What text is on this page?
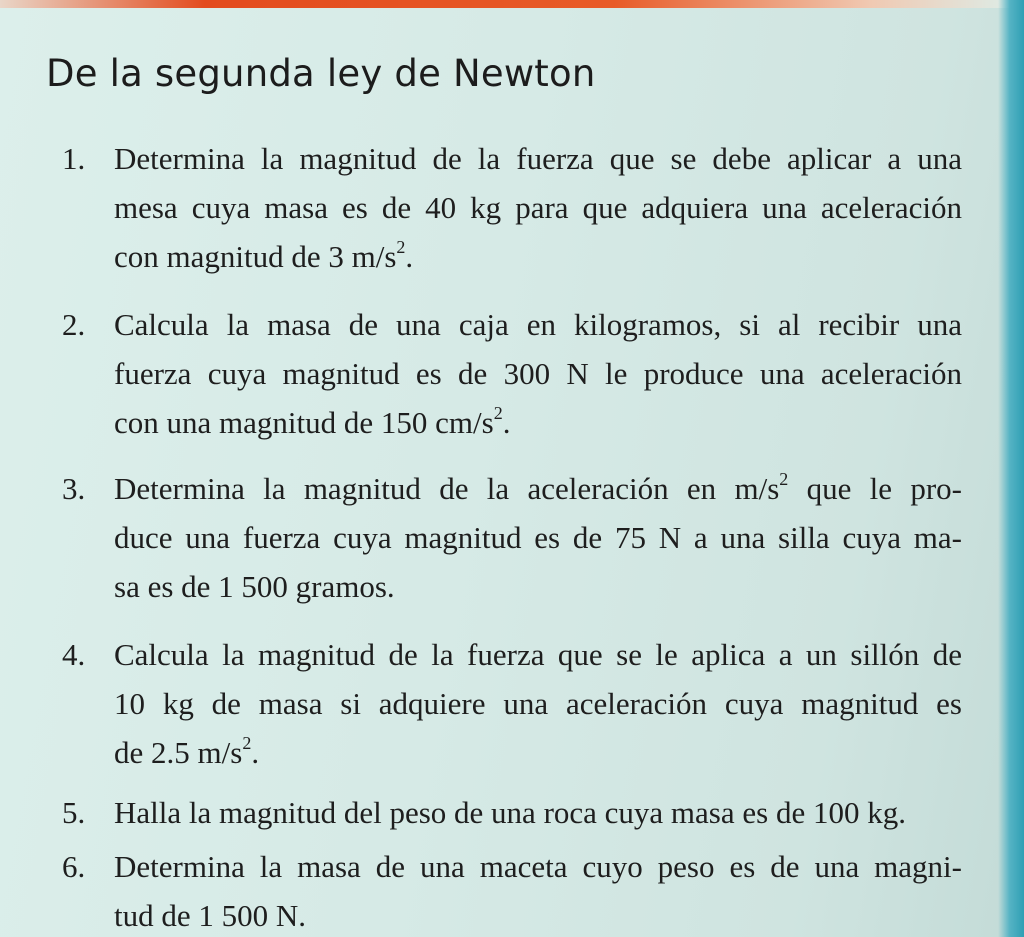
De la segunda ley de Newton
1. Determina la magnitud de la fuerza que se debe aplicar a una
mesa cuya masa es de 40 kg para que adquiera una aceleración
con magnitud de 3 $m/s^2$.
2. Calcula la masa de una caja en kilogramos, si al recibir una
fuerza cuya magnitud es de 300 N le produce una aceleración
con una magnitud de 150 $cm/s^2$.
3. Determina la magnitud de la aceleración en $m/s^2$ que le pro-
duce una fuerza cuya magnitud es de 75 N a una silla cuya ma-
sa es de 1 500 gramos.
4. Calcula la magnitud de la fuerza que se le aplica a un sillón de
10 kg de masa si adquiere una aceleración cuya magnitud es
de 2.5 $m/s^2$.
5. Halla la magnitud del peso de una roca cuya masa es de 100 kg.
6. Determina la masa de una maceta cuyo peso es de una magni-
tud de 1 500 N.
